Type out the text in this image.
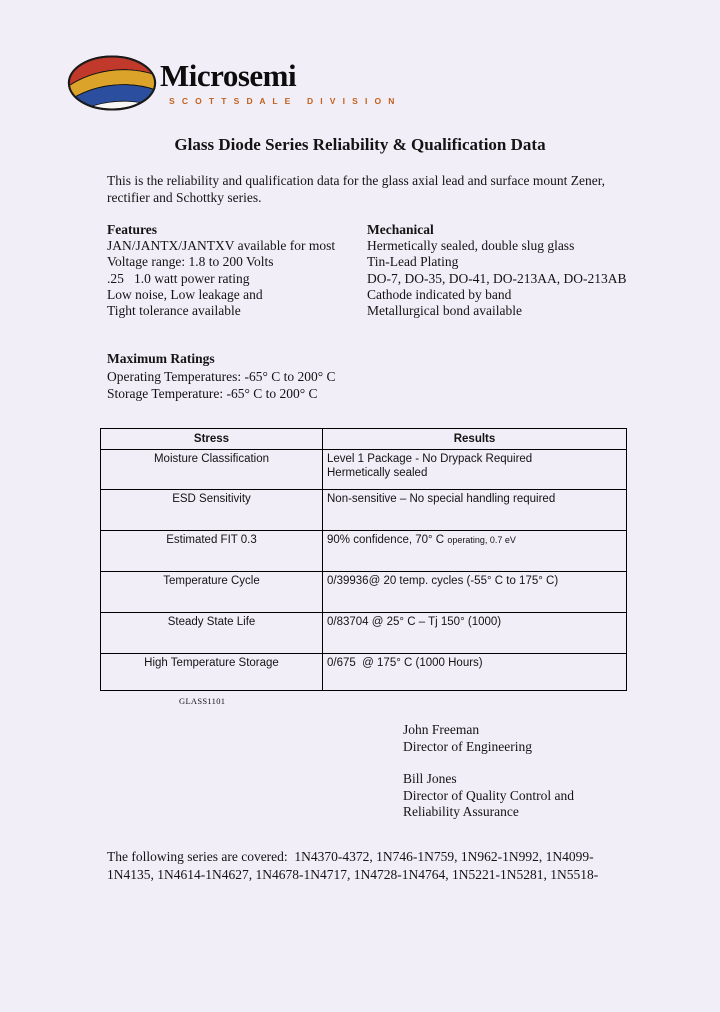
Microsemi
S C O T T S D A L E   D I V I S I O N
Glass Diode Series Reliability & Qualification Data
This is the reliability and qualification data for the glass axial lead and surface mount Zener,
rectifier and Schottky series.
Features
JAN/JANTX/JANTXV available for most
Voltage range: 1.8 to 200 Volts
.25   1.0 watt power rating
Low noise, Low leakage and
Tight tolerance available
Mechanical
Hermetically sealed, double slug glass
Tin-Lead Plating
DO-7, DO-35, DO-41, DO-213AA, DO-213AB
Cathode indicated by band
Metallurgical bond available
Maximum Ratings
Operating Temperatures: -65° C to 200° C
Storage Temperature: -65° C to 200° C
Stress	Results
Moisture Classification	Level 1 Package - No Drypack Required
Hermetically sealed

ESD Sensitivity	Non-sensitive – No special handling required

Estimated FIT 0.3	90% confidence, 70° C operating, 0.7 eV

Temperature Cycle	0/39936@ 20 temp. cycles (-55° C to 175° C)

Steady State Life	0/83704 @ 25° C – Tj 150° (1000)

High Temperature Storage	0/675  @ 175° C (1000 Hours)
GLASS1101
John Freeman
Director of Engineering
Bill Jones
Director of Quality Control and
Reliability Assurance
The following series are covered:  1N4370-4372, 1N746-1N759, 1N962-1N992, 1N4099-
1N4135, 1N4614-1N4627, 1N4678-1N4717, 1N4728-1N4764, 1N5221-1N5281, 1N5518-
